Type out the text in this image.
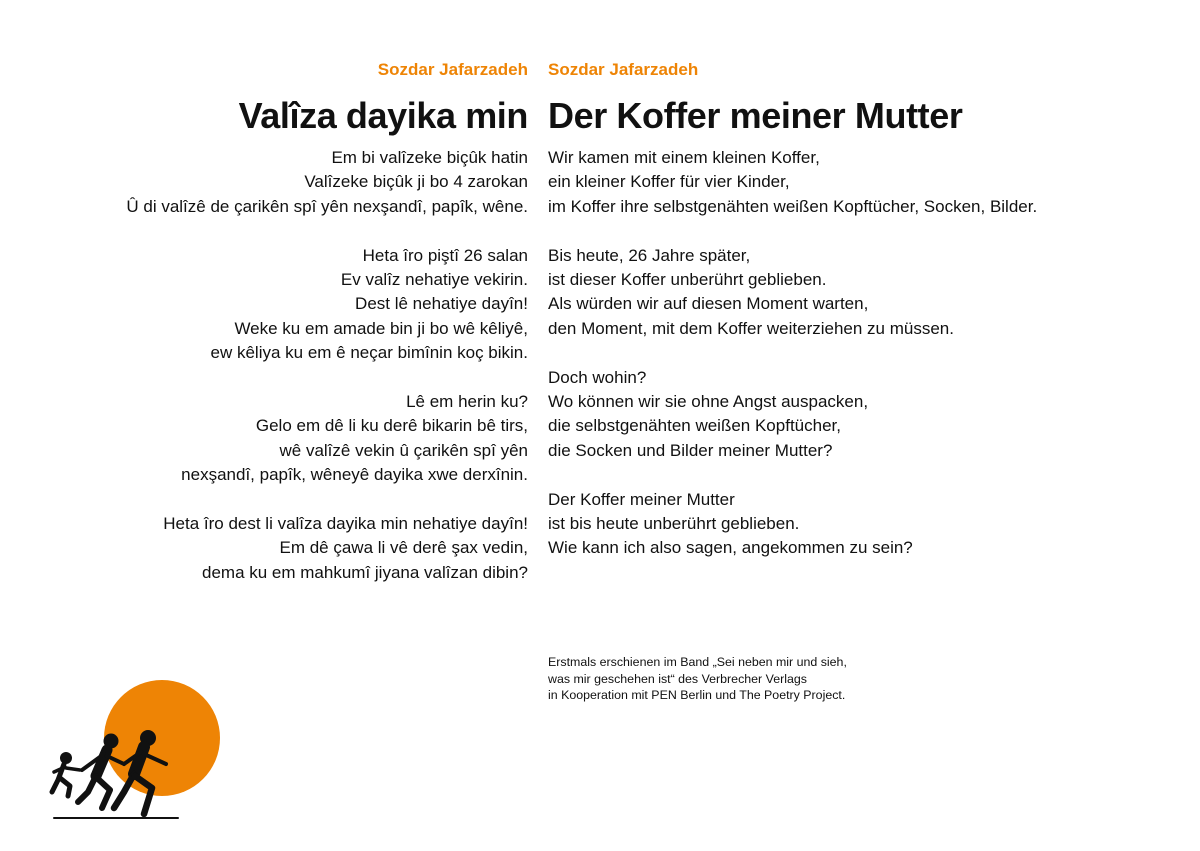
Sozdar Jafarzadeh Sozdar Jafarzadeh
Valîza dayika min Der Koffer meiner Mutter
Em bi valîzeke biçûk hatin
Valîzeke biçûk ji bo 4 zarokan
Û di valîzê de çarikên spî yên nexşandî, papîk, wêne.
Heta îro piştî 26 salan
Ev valîz nehatiye vekirin.
Dest lê nehatiye dayîn!
Weke ku em amade bin ji bo wê kêliyê,
ew kêliya ku em ê neçar bimînin koç bikin.
Lê em herin ku?
Gelo em dê li ku derê bikarin bê tirs,
wê valîzê vekin û çarikên spî yên
nexşandî, papîk, wêneyê dayika xwe derxînin.
Heta îro dest li valîza dayika min nehatiye dayîn!
Em dê çawa li vê derê şax vedin,
dema ku em mahkumî jiyana valîzan dibin?
Wir kamen mit einem kleinen Koffer,
ein kleiner Koffer für vier Kinder,
im Koffer ihre selbstgenähten weißen Kopftücher, Socken, Bilder.
Bis heute, 26 Jahre später,
ist dieser Koffer unberührt geblieben.
Als würden wir auf diesen Moment warten,
den Moment, mit dem Koffer weiterziehen zu müssen.
Doch wohin?
Wo können wir sie ohne Angst auspacken,
die selbstgenähten weißen Kopftücher,
die Socken und Bilder meiner Mutter?
Der Koffer meiner Mutter
ist bis heute unberührt geblieben.
Wie kann ich also sagen, angekommen zu sein?
Erstmals erschienen im Band „Sei neben mir und sieh,
was mir geschehen ist“ des Verbrecher Verlags
in Kooperation mit PEN Berlin und The Poetry Project.
